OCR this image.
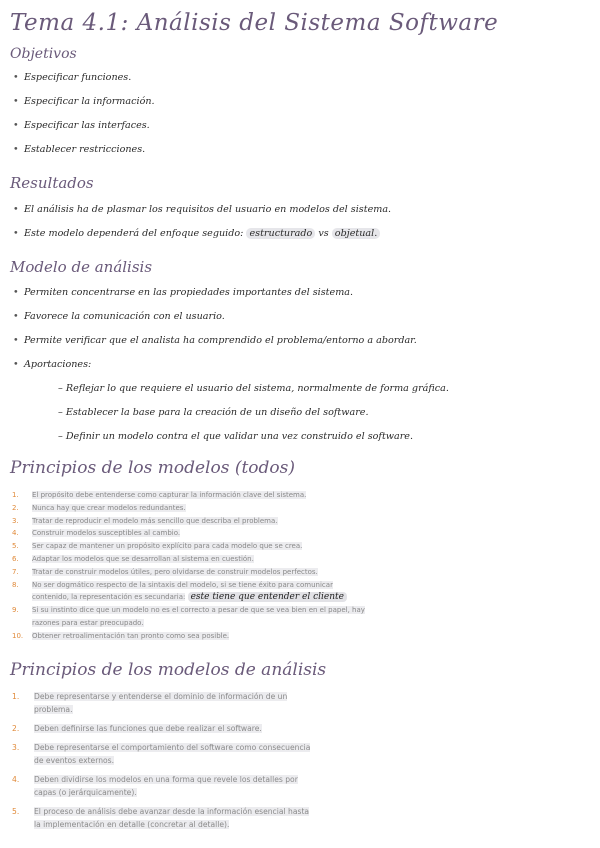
Tema 4.1: Análisis del Sistema Software
Objetivos
• Especificar funciones.
• Especificar la información.
• Especificar las interfaces.
• Establecer restricciones.
Resultados
• El análisis ha de plasmar los requisitos del usuario en modelos del sistema.
• Este modelo dependerá del enfoque seguido: estructurado vs objetual.
Modelo de análisis
• Permiten concentrarse en las propiedades importantes del sistema.
• Favorece la comunicación con el usuario.
• Permite verificar que el analista ha comprendido el problema/entorno a abordar.
• Aportaciones:
– Reflejar lo que requiere el usuario del sistema, normalmente de forma gráfica.
– Establecer la base para la creación de un diseño del software.
– Definir un modelo contra el que validar una vez construido el software.
Principios de los modelos (todos)
1. El propósito debe entenderse como capturar la información clave del sistema.
2. Nunca hay que crear modelos redundantes.
3. Tratar de reproducir el modelo más sencillo que describa el problema.
4. Construir modelos susceptibles al cambio.
5. Ser capaz de mantener un propósito explícito para cada modelo que se crea.
6. Adaptar los modelos que se desarrollan al sistema en cuestión.
7. Tratar de construir modelos útiles, pero olvidarse de construir modelos perfectos.
8. No ser dogmático respecto de la sintaxis del modelo, si se tiene éxito para comunicar contenido, la representación es secundaria: este tiene que entender el cliente
9. Si su instinto dice que un modelo no es el correcto a pesar de que se vea bien en el papel, hay razones para estar preocupado.
10. Obtener retroalimentación tan pronto como sea posible.
Principios de los modelos de análisis
1. Debe representarse y entenderse el dominio de información de un problema.
2. Deben definirse las funciones que debe realizar el software.
3. Debe representarse el comportamiento del software como consecuencia de eventos externos.
4. Deben dividirse los modelos en una forma que revele los detalles por capas (o jerárquicamente).
5. El proceso de análisis debe avanzar desde la información esencial hasta la implementación en detalle (concretar al detalle).
